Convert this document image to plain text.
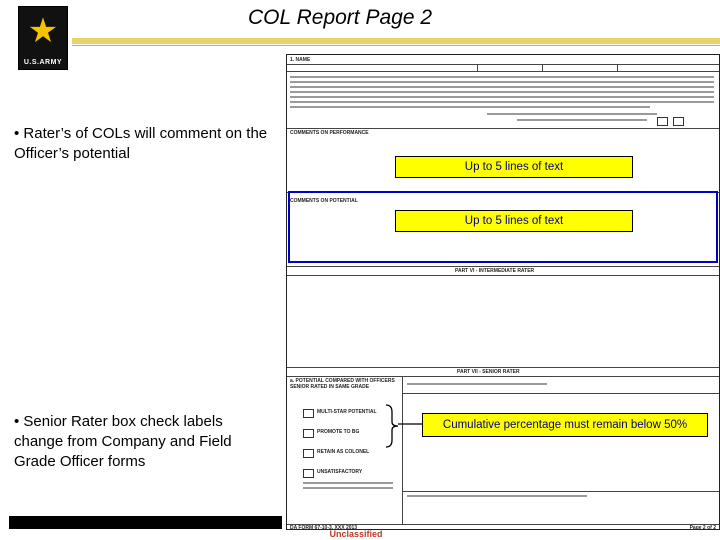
★
U.S.ARMY
COL Report Page 2
• Rater’s of COLs will comment on the Officer’s potential
• Senior Rater box check labels change from Company and Field Grade Officer forms
1. NAME
COMMENTS ON PERFORMANCE
COMMENTS ON POTENTIAL
PART VI - INTERMEDIATE RATER
PART VII - SENIOR RATER
a. POTENTIAL COMPARED WITH OFFICERS SENIOR RATED IN SAME GRADE
MULTI-STAR POTENTIAL
PROMOTE TO BG
RETAIN AS COLONEL
UNSATISFACTORY
DA FORM 67-10-3, XXX 2013	Page 2 of 2
Up to 5 lines of text
Up to 5 lines of text
Cumulative percentage must remain below 50%
Unclassified
